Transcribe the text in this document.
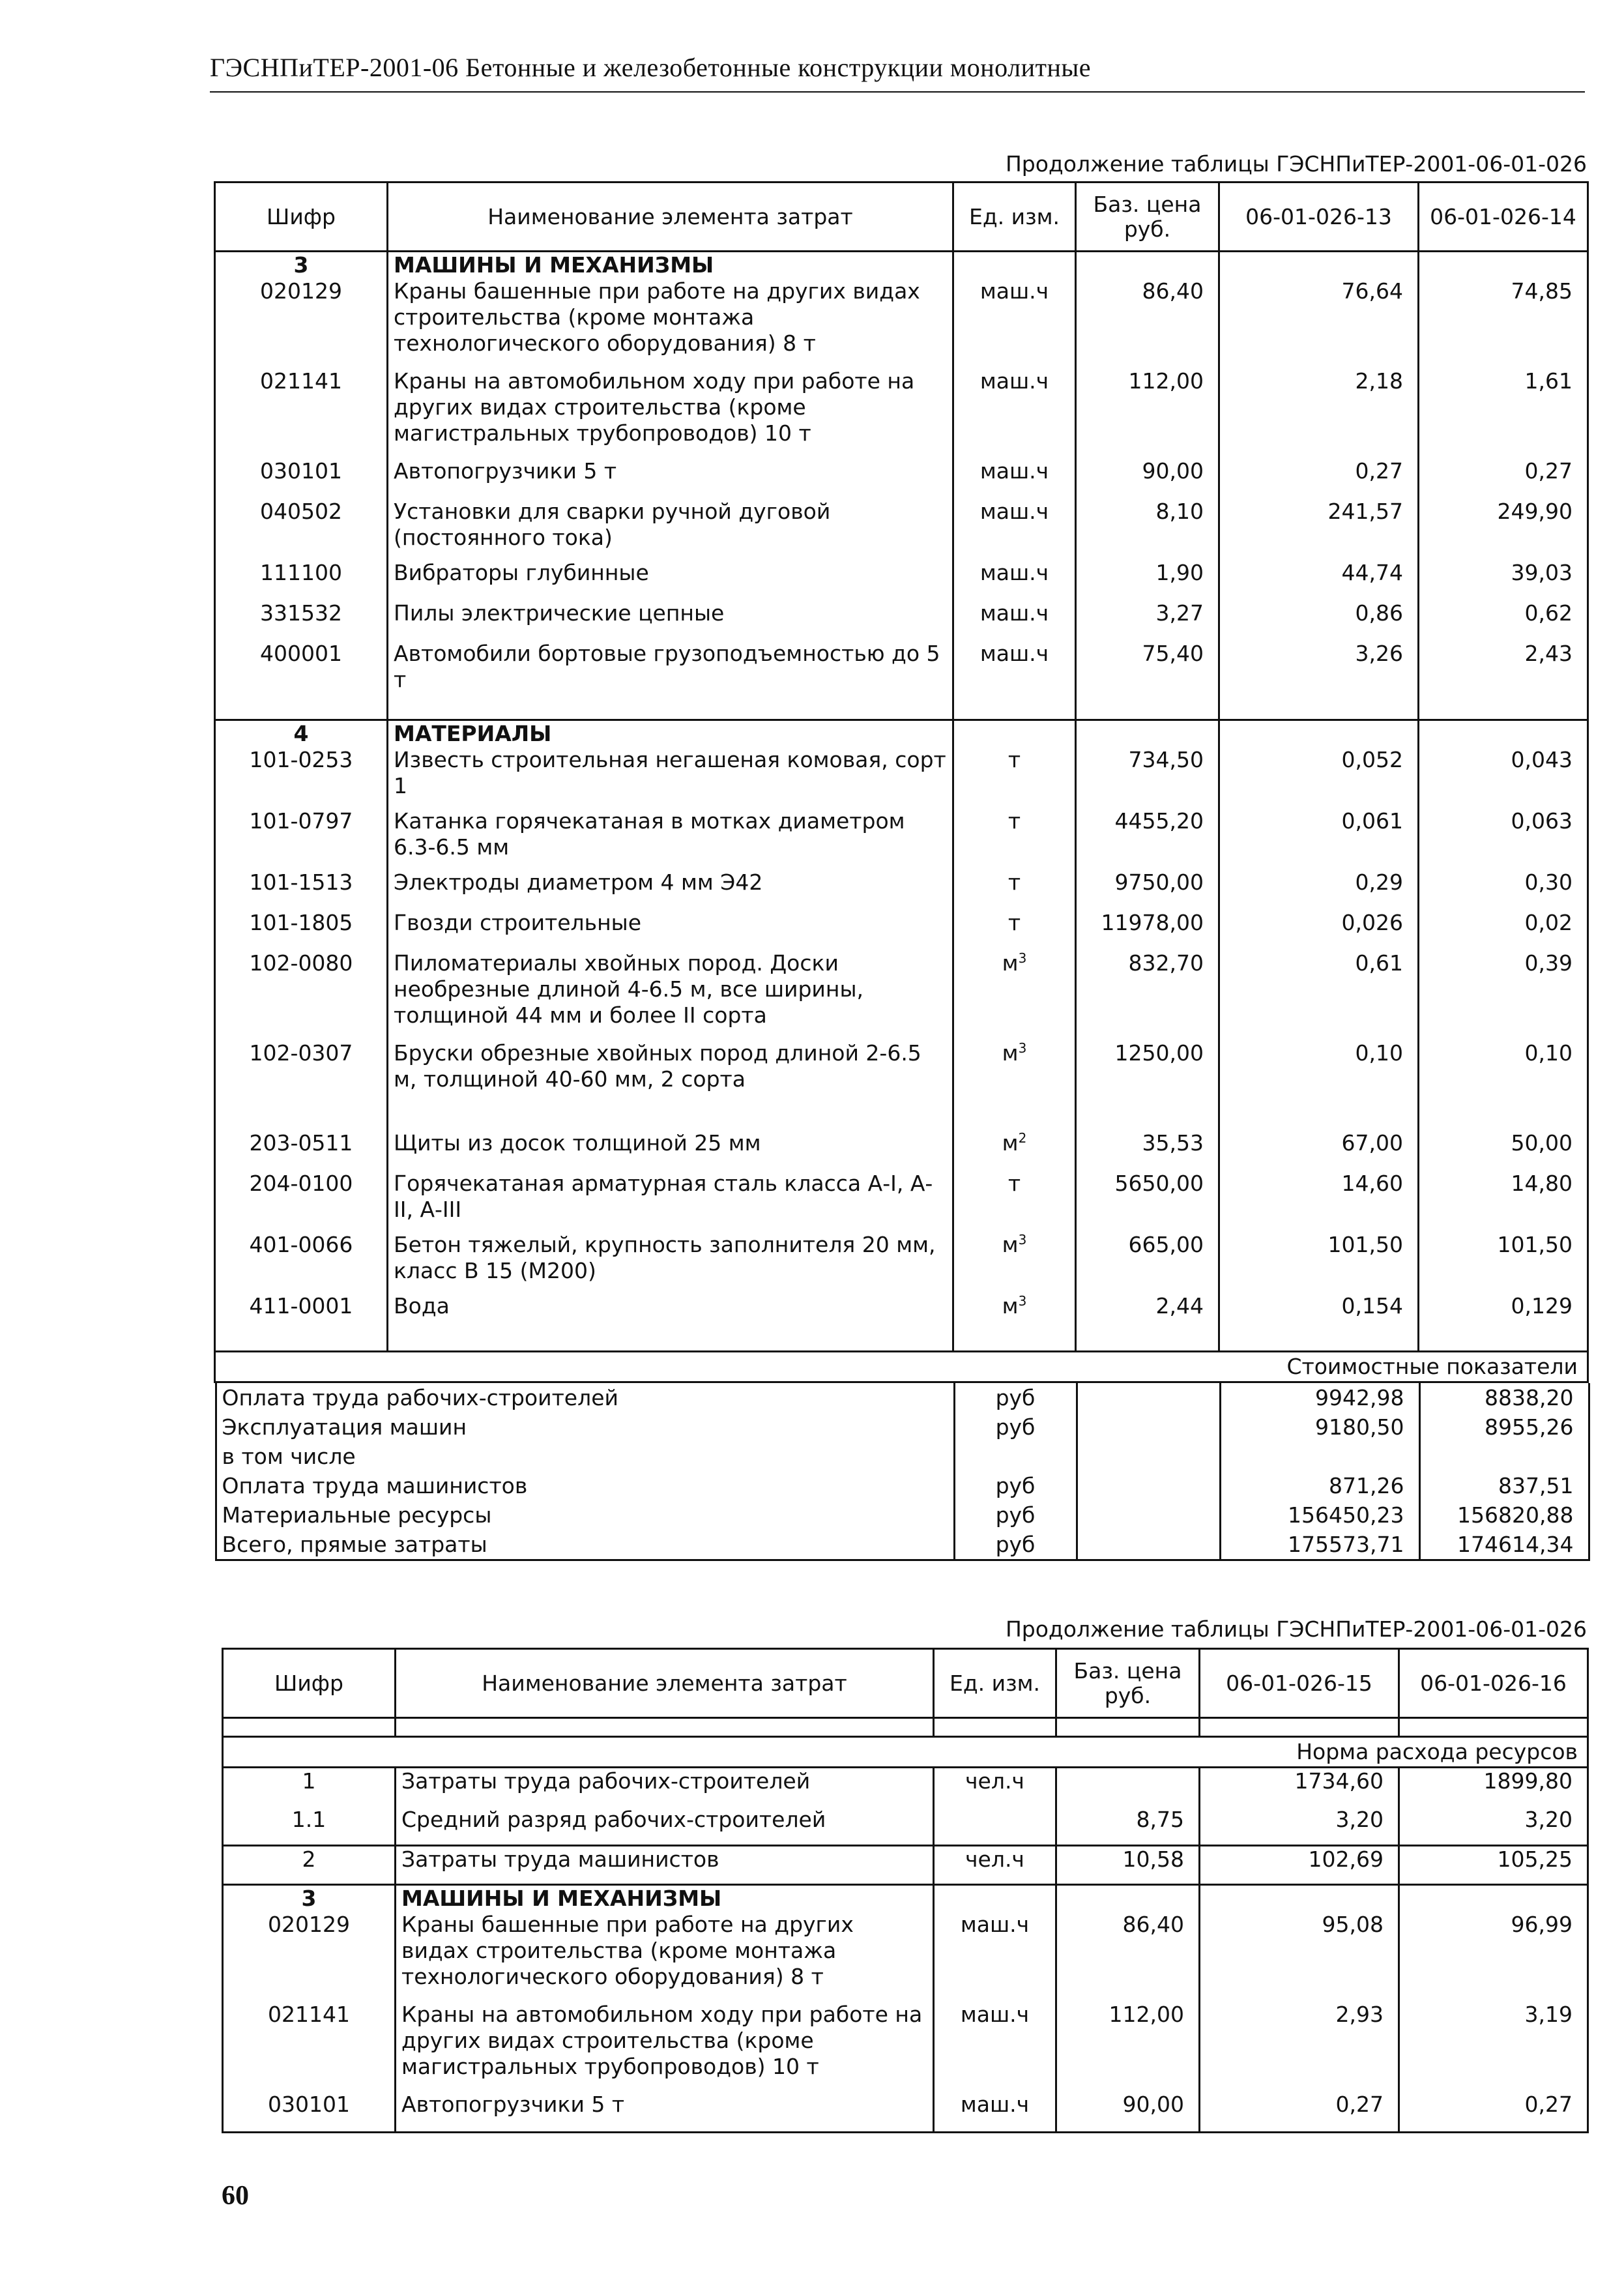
ГЭСНПиТЕР-2001-06 Бетонные и железобетонные конструкции монолитные
Продолжение таблицы ГЭСНПиТЕР-2001-06-01-026
Шифр	Наименование элемента затрат	Ед. изм.	Баз. цена руб.	06-01-026-13	06-01-026-14
3	МАШИНЫ И МЕХАНИЗМЫ				
020129	Краны башенные при работе на других видах строительства (кроме монтажа технологического оборудования) 8 т	маш.ч	86,40	76,64	74,85
021141	Краны на автомобильном ходу при работе на других видах строительства (кроме магистральных трубопроводов) 10 т	маш.ч	112,00	2,18	1,61
030101	Автопогрузчики 5 т	маш.ч	90,00	0,27	0,27
040502	Установки для сварки ручной дуговой (постоянного тока)	маш.ч	8,10	241,57	249,90
111100	Вибраторы глубинные	маш.ч	1,90	44,74	39,03
331532	Пилы электрические цепные	маш.ч	3,27	0,86	0,62
400001	Автомобили бортовые грузоподъемностью до 5 т	маш.ч	75,40	3,26	2,43

4	МАТЕРИАЛЫ				
101-0253	Известь строительная негашеная комовая, сорт 1	т	734,50	0,052	0,043
101-0797	Катанка горячекатаная в мотках диаметром 6.3-6.5 мм	т	4455,20	0,061	0,063
101-1513	Электроды диаметром 4 мм Э42	т	9750,00	0,29	0,30
101-1805	Гвозди строительные	т	11978,00	0,026	0,02
102-0080	Пиломатериалы хвойных пород. Доски необрезные длиной 4-6.5 м, все ширины, толщиной 44 мм и более II сорта	$м^3$	832,70	0,61	0,39
102-0307	Бруски обрезные хвойных пород длиной 2-6.5 м, толщиной 40-60 мм, 2 сорта	$м^3$	1250,00	0,10	0,10
203-0511	Щиты из досок толщиной 25 мм	$м^2$	35,53	67,00	50,00
204-0100	Горячекатаная арматурная сталь класса А-I, А-II, А-III	т	5650,00	14,60	14,80
401-0066	Бетон тяжелый, крупность заполнителя 20 мм, класс В 15 (М200)	$м^3$	665,00	101,50	101,50
411-0001	Вода	$м^3$	2,44	0,154	0,129

Стоимостные показатели

Оплата труда рабочих-строителей	руб		9942,98	8838,20
Эксплуатация машин	руб		9180,50	8955,26
в том числе				
Оплата труда машинистов	руб		871,26	837,51
Материальные ресурсы	руб		156450,23	156820,88
Всего, прямые затраты	руб		175573,71	174614,34
Продолжение таблицы ГЭСНПиТЕР-2001-06-01-026
Шифр	Наименование элемента затрат	Ед. изм.	Баз. цена руб.	06-01-026-15	06-01-026-16

Норма расхода ресурсов					
1	Затраты труда рабочих-строителей	чел.ч		1734,60	1899,80
1.1	Средний разряд рабочих-строителей		8,75	3,20	3,20
2	Затраты труда машинистов	чел.ч	10,58	102,69	105,25
3	МАШИНЫ И МЕХАНИЗМЫ				
020129	Краны башенные при работе на других видах строительства (кроме монтажа технологического оборудования) 8 т	маш.ч	86,40	95,08	96,99
021141	Краны на автомобильном ходу при работе на других видах строительства (кроме магистральных трубопроводов) 10 т	маш.ч	112,00	2,93	3,19
030101	Автопогрузчики 5 т	маш.ч	90,00	0,27	0,27
60
